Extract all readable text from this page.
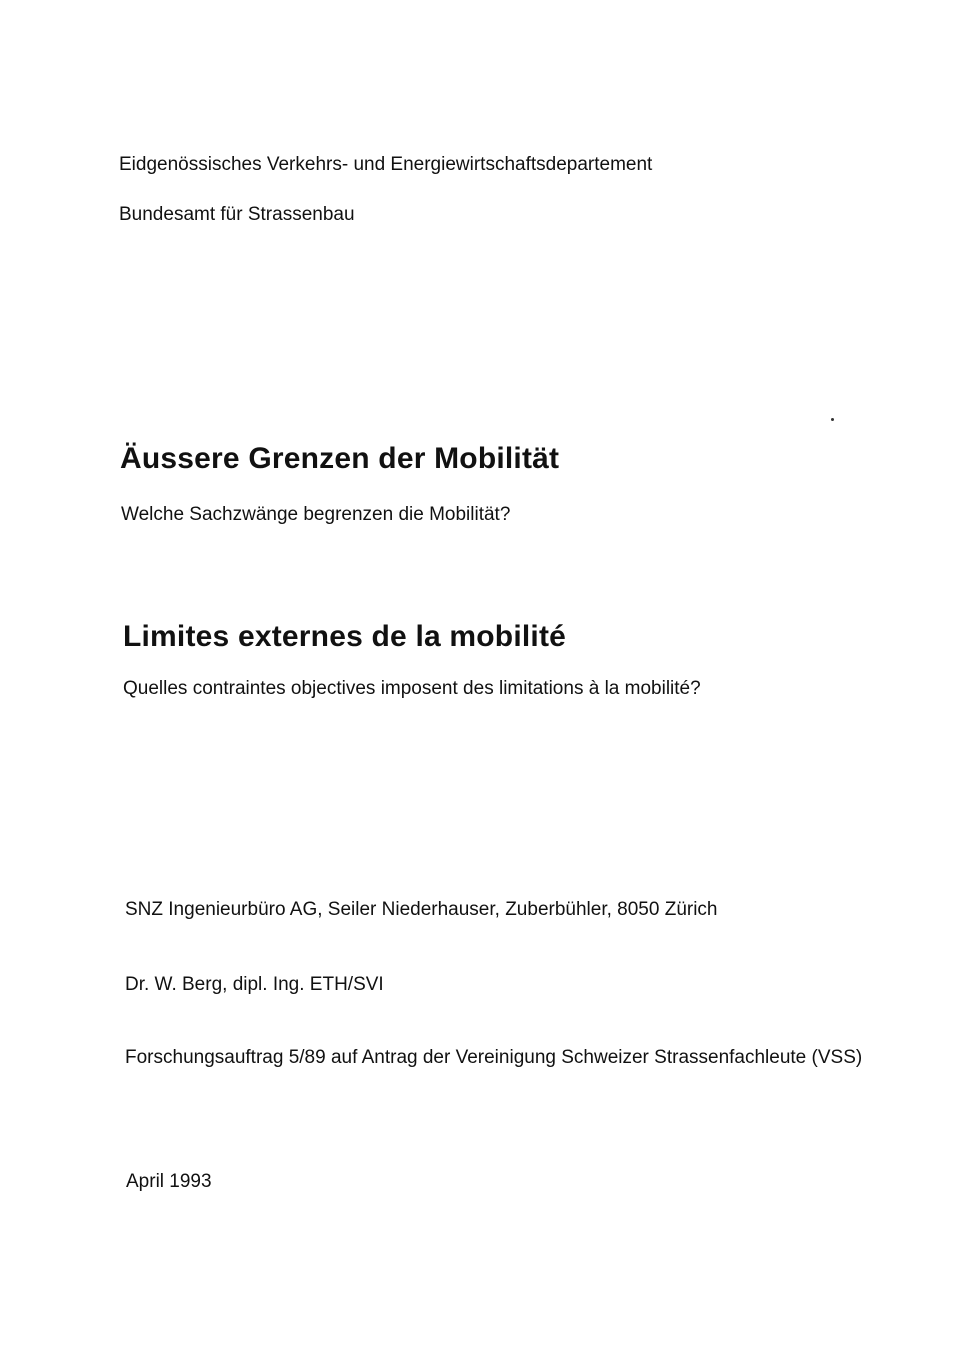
Eidgenössisches Verkehrs- und Energiewirtschaftsdepartement
Bundesamt für Strassenbau
Äussere Grenzen der Mobilität
Welche Sachzwänge begrenzen die Mobilität?
Limites externes de la mobilité
Quelles contraintes objectives imposent des limitations à la mobilité?
SNZ Ingenieurbüro AG, Seiler Niederhauser, Zuberbühler, 8050 Zürich
Dr. W. Berg, dipl. Ing. ETH/SVI
Forschungsauftrag 5/89 auf Antrag der Vereinigung Schweizer Strassenfachleute (VSS)
April 1993
